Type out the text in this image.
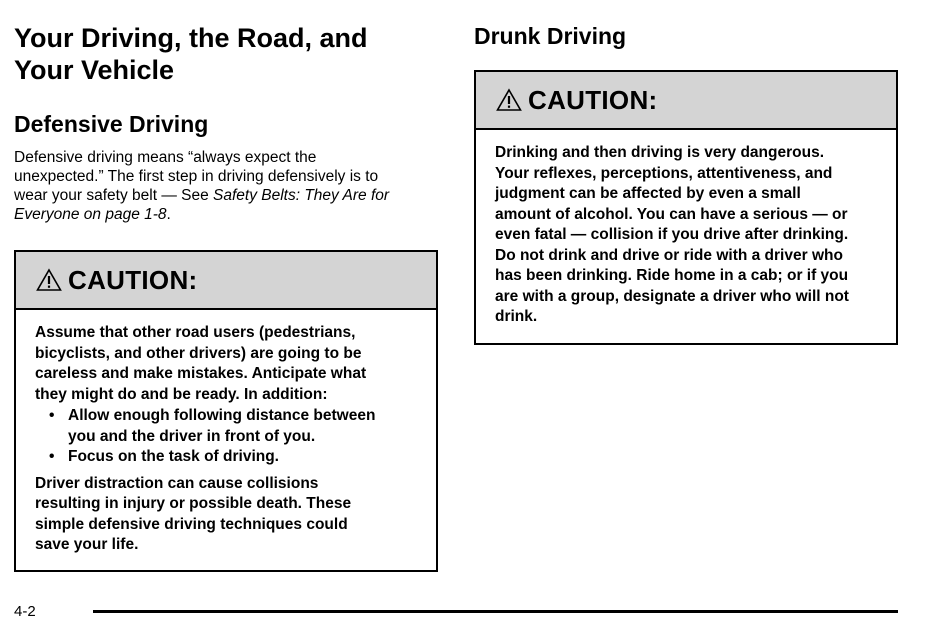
Your Driving, the Road, and
Your Vehicle
Defensive Driving

Defensive driving means “always expect the
unexpected.” The first step in driving defensively is to
wear your safety belt — See Safety Belts: They Are for
Everyone on page 1-8.

CAUTION:

Assume that other road users (pedestrians,
bicyclists, and other drivers) are going to be
careless and make mistakes. Anticipate what
they might do and be ready. In addition:

• Allow enough following distance between
you and the driver in front of you.
• Focus on the task of driving.

Driver distraction can cause collisions
resulting in injury or possible death. These
simple defensive driving techniques could
save your life.

Drunk Driving
CAUTION:

Drinking and then driving is very dangerous.
Your reflexes, perceptions, attentiveness, and
judgment can be affected by even a small
amount of alcohol. You can have a serious — or
even fatal — collision if you drive after drinking.
Do not drink and drive or ride with a driver who
has been drinking. Ride home in a cab; or if you
are with a group, designate a driver who will not
drink.

4-2
